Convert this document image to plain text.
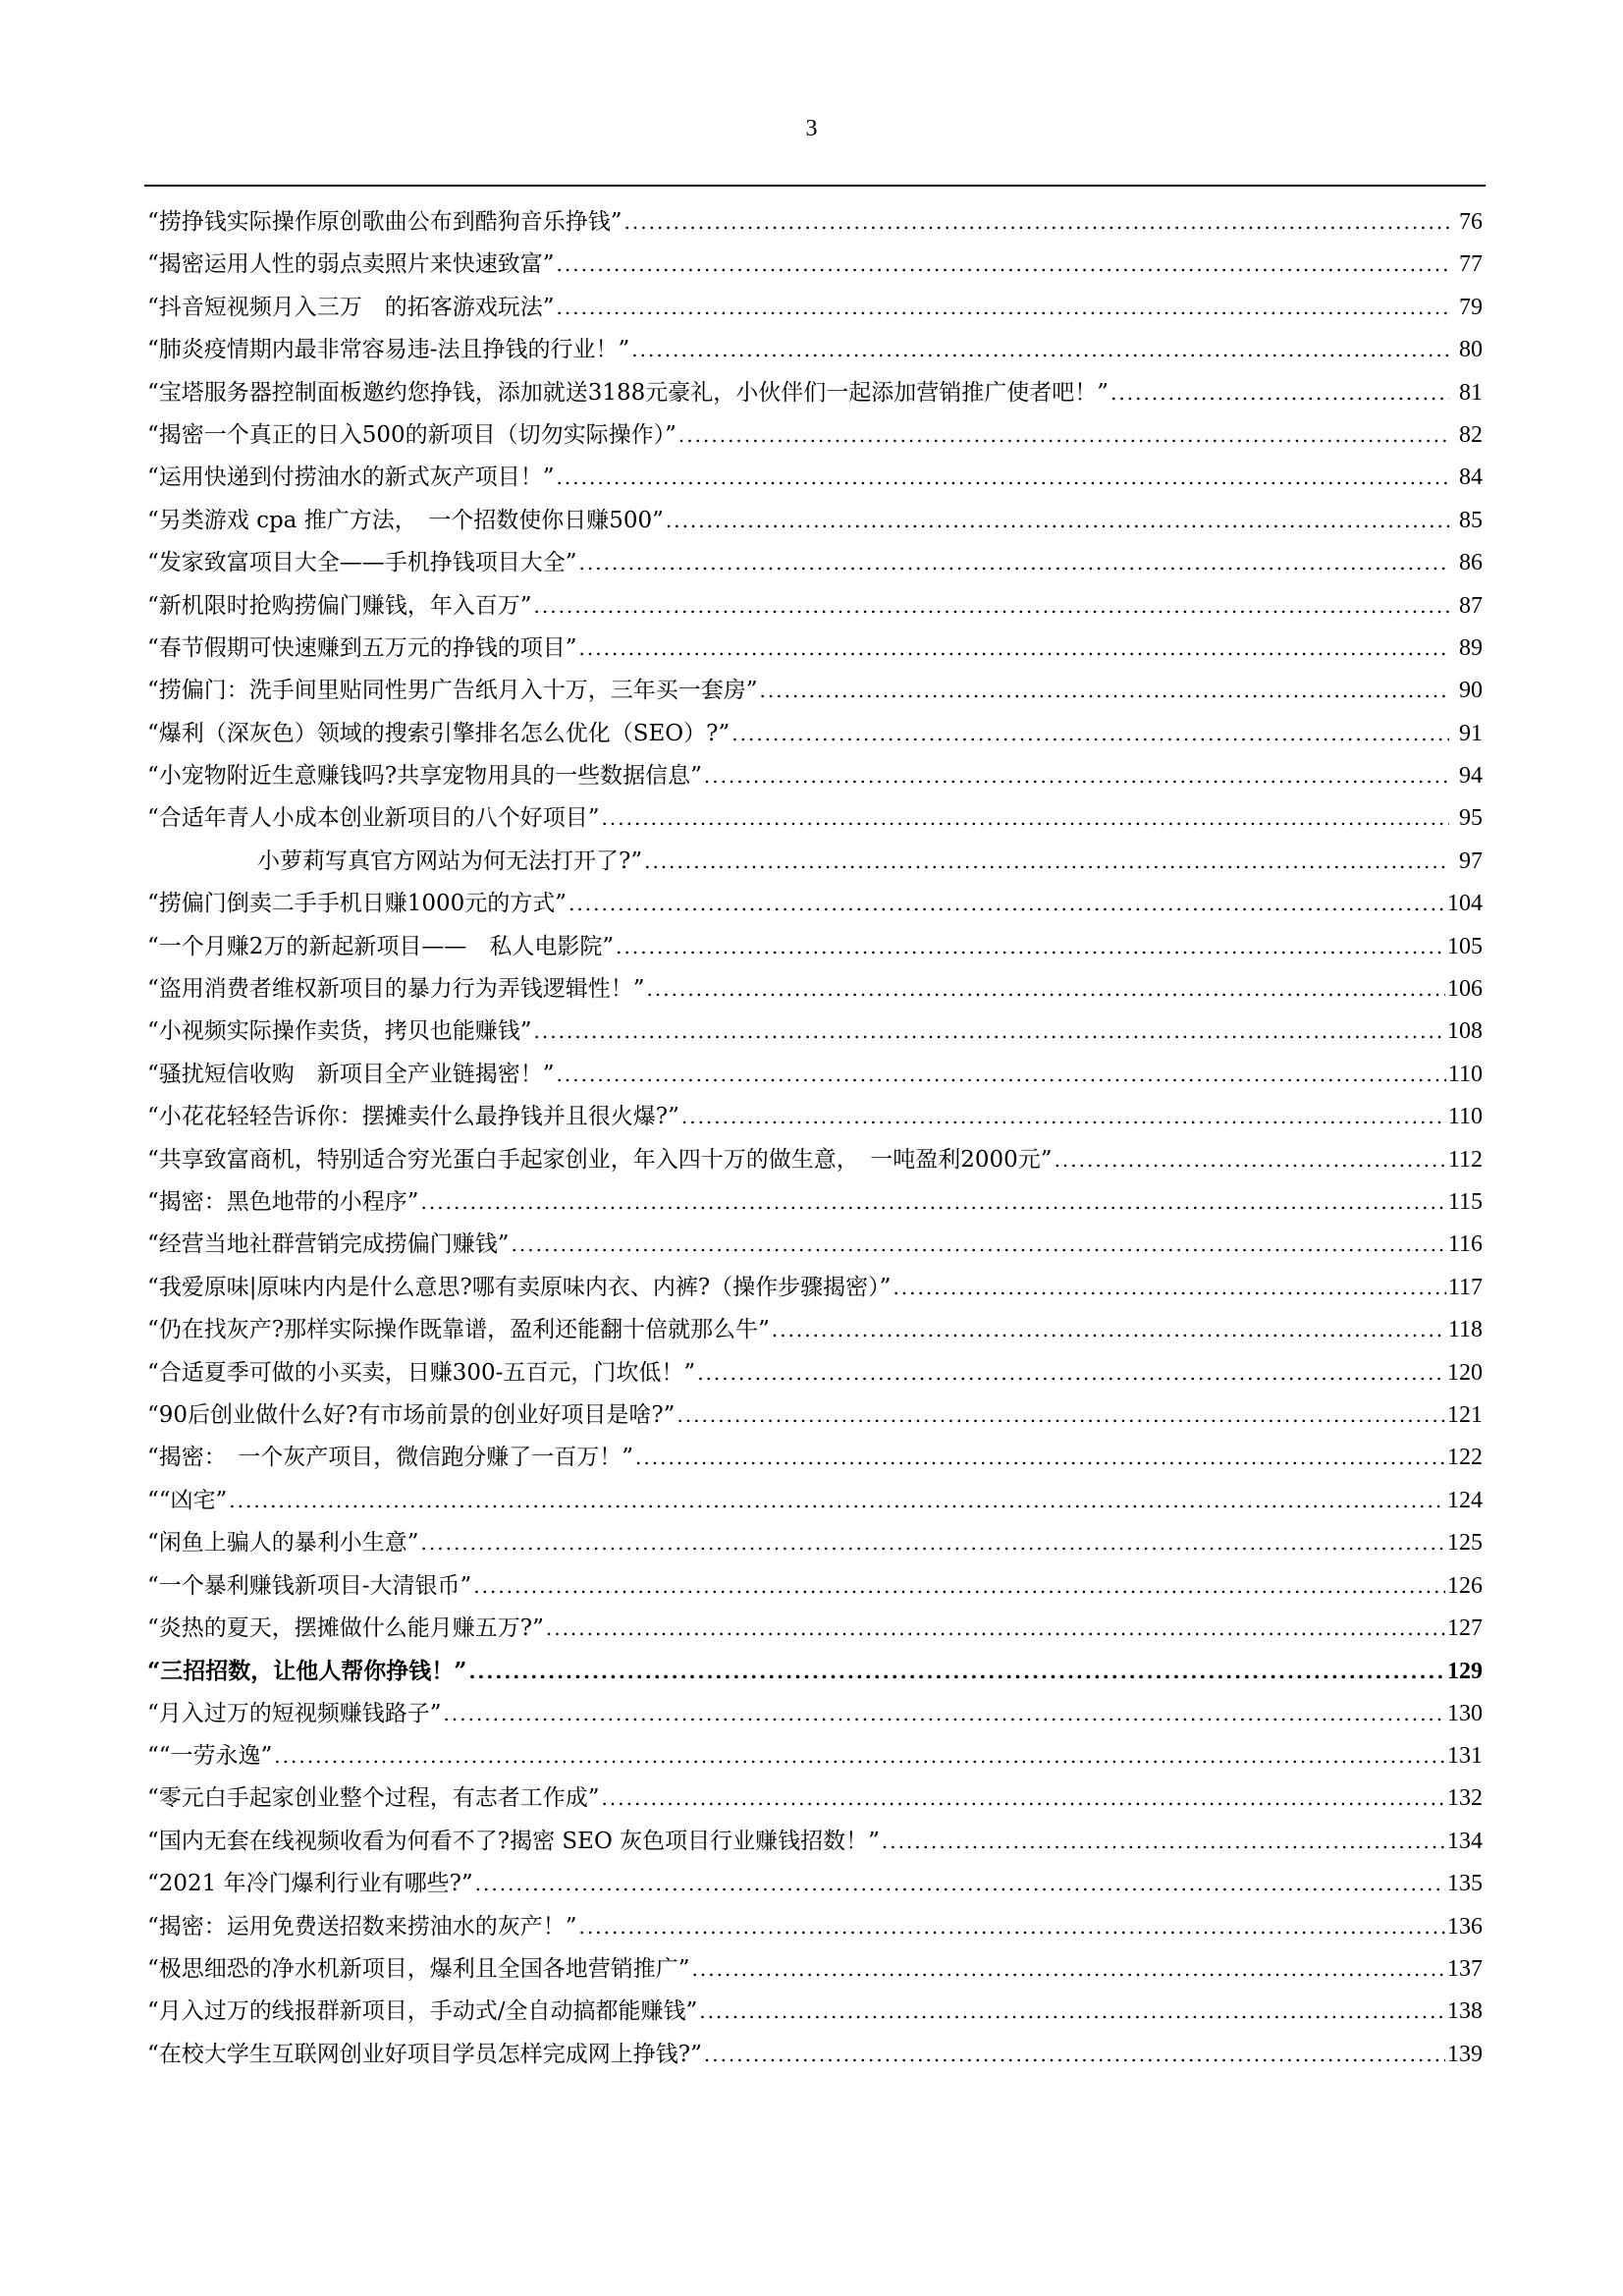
3
“捞挣钱实际操作原创歌曲公布到酷狗音乐挣钱” .....	76
“揭密运用人性的弱点卖照片来快速致富” .....	77
“抖音短视频月入三万　的拓客游戏玩法” .....	79
“肺炎疫情期内最非常容易违-法且挣钱的行业！” .....	80
“宝塔服务器控制面板邀约您挣钱，添加就送3188元豪礼，小伙伴们一起添加营销推广使者吧！” .....	81
“揭密一个真正的日入500的新项目（切勿实际操作）” .....	82
“运用快递到付捞油水的新式灰产项目！” .....	84
“另类游戏 cpa 推广方法，　一个招数使你日赚500” .....	85
“发家致富项目大全——手机挣钱项目大全” .....	86
“新机限时抢购捞偏门赚钱，年入百万” .....	87
“春节假期可快速赚到五万元的挣钱的项目” .....	89
“捞偏门：洗手间里贴同性男广告纸月入十万，三年买一套房” .....	90
“爆利（深灰色）领域的搜索引擎排名怎么优化（SEO）?” .....	91
“小宠物附近生意赚钱吗?共享宠物用具的一些数据信息” .....	94
“合适年青人小成本创业新项目的八个好项目” .....	95
小萝莉写真官方网站为何无法打开了?” .....	97
“捞偏门倒卖二手手机日赚1000元的方式” .....	104
“一个月赚2万的新起新项目——　私人电影院” .....	105
“盗用消费者维权新项目的暴力行为弄钱逻辑性！” .....	106
“小视频实际操作卖货，拷贝也能赚钱” .....	108
“骚扰短信收购　新项目全产业链揭密！” .....	110
“小花花轻轻告诉你：摆摊卖什么最挣钱并且很火爆?” .....	110
“共享致富商机，特别适合穷光蛋白手起家创业，年入四十万的做生意，　一吨盈利2000元” .....	112
“揭密：黑色地带的小程序” .....	115
“经营当地社群营销完成捞偏门赚钱” .....	116
“我爱原味|原味内内是什么意思?哪有卖原味内衣、内裤?（操作步骤揭密）” .....	117
“仍在找灰产?那样实际操作既靠谱，盈利还能翻十倍就那么牛” .....	118
“合适夏季可做的小买卖，日赚300-五百元，门坎低！” .....	120
“90后创业做什么好?有市场前景的创业好项目是啥?” .....	121
“揭密：　一个灰产项目，微信跑分赚了一百万！” .....	122
““凶宅” .....	124
“闲鱼上骗人的暴利小生意” .....	125
“一个暴利赚钱新项目-大清银币” .....	126
“炎热的夏天，摆摊做什么能月赚五万?” .....	127
“三招招数，让他人帮你挣钱！” .....	129
“月入过万的短视频赚钱路子” .....	130
““一劳永逸” .....	131
“零元白手起家创业整个过程，有志者工作成” .....	132
“国内无套在线视频收看为何看不了?揭密 SEO 灰色项目行业赚钱招数！” .....	134
“2021 年冷门爆利行业有哪些?” .....	135
“揭密：运用免费送招数来捞油水的灰产！” .....	136
“极思细恐的净水机新项目，爆利且全国各地营销推广” .....	137
“月入过万的线报群新项目，手动式/全自动搞都能赚钱” .....	138
“在校大学生互联网创业好项目学员怎样完成网上挣钱?” .....	139
